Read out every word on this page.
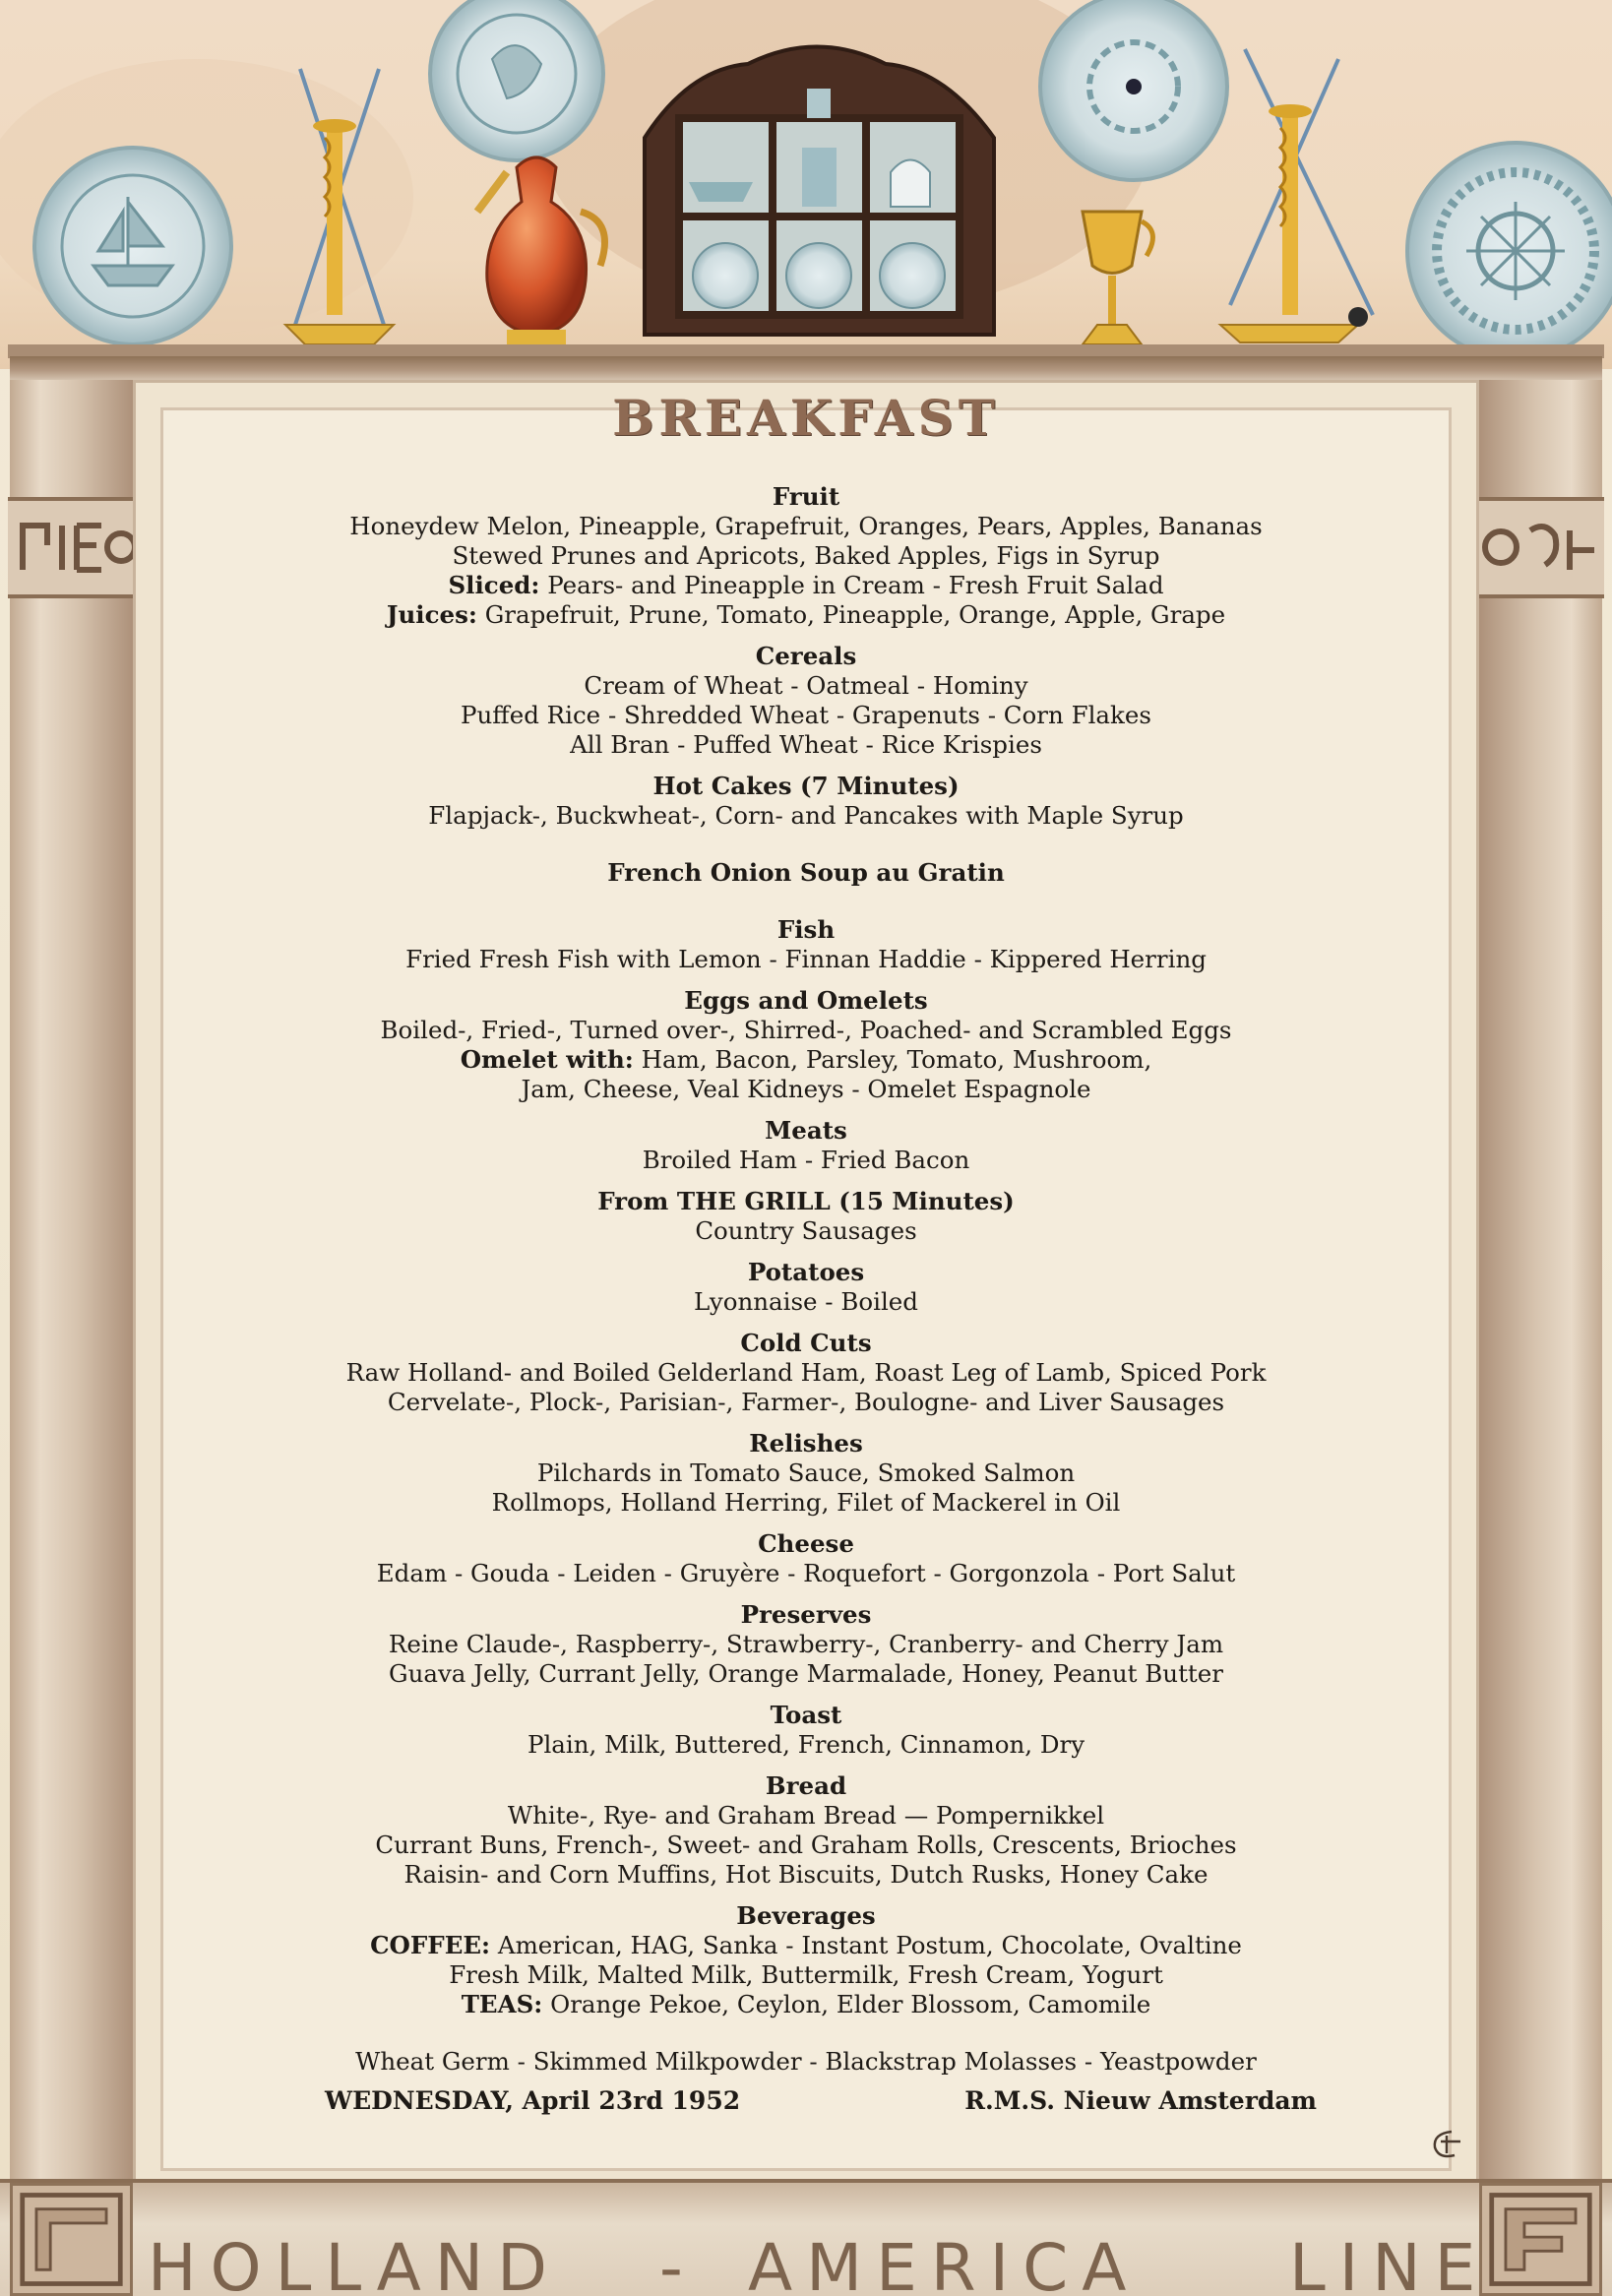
BREAKFAST
Fruit
Honeydew Melon, Pineapple, Grapefruit, Oranges, Pears, Apples, Bananas
Stewed Prunes and Apricots, Baked Apples, Figs in Syrup
Sliced: Pears- and Pineapple in Cream - Fresh Fruit Salad
Juices: Grapefruit, Prune, Tomato, Pineapple, Orange, Apple, Grape
Cereals
Cream of Wheat - Oatmeal - Hominy
Puffed Rice - Shredded Wheat - Grapenuts - Corn Flakes
All Bran - Puffed Wheat - Rice Krispies
Hot Cakes (7 Minutes)
Flapjack-, Buckwheat-, Corn- and Pancakes with Maple Syrup
French Onion Soup au Gratin
Fish
Fried Fresh Fish with Lemon - Finnan Haddie - Kippered Herring
Eggs and Omelets
Boiled-, Fried-, Turned over-, Shirred-, Poached- and Scrambled Eggs
Omelet with: Ham, Bacon, Parsley, Tomato, Mushroom,
Jam, Cheese, Veal Kidneys - Omelet Espagnole
Meats
Broiled Ham - Fried Bacon
From THE GRILL (15 Minutes)
Country Sausages
Potatoes
Lyonnaise - Boiled
Cold Cuts
Raw Holland- and Boiled Gelderland Ham, Roast Leg of Lamb, Spiced Pork
Cervelate-, Plock-, Parisian-, Farmer-, Boulogne- and Liver Sausages
Relishes
Pilchards in Tomato Sauce, Smoked Salmon
Rollmops, Holland Herring, Filet of Mackerel in Oil
Cheese
Edam - Gouda - Leiden - Gruyère - Roquefort - Gorgonzola - Port Salut
Preserves
Reine Claude-, Raspberry-, Strawberry-, Cranberry- and Cherry Jam
Guava Jelly, Currant Jelly, Orange Marmalade, Honey, Peanut Butter
Toast
Plain, Milk, Buttered, French, Cinnamon, Dry
Bread
White-, Rye- and Graham Bread — Pompernikkel
Currant Buns, French-, Sweet- and Graham Rolls, Crescents, Brioches
Raisin- and Corn Muffins, Hot Biscuits, Dutch Rusks, Honey Cake
Beverages
COFFEE: American, HAG, Sanka - Instant Postum, Chocolate, Ovaltine
Fresh Milk, Malted Milk, Buttermilk, Fresh Cream, Yogurt
TEAS: Orange Pekoe, Ceylon, Elder Blossom, Camomile
Wheat Germ - Skimmed Milkpowder - Blackstrap Molasses - Yeastpowder
WEDNESDAY, April 23rd 1952	R.M.S. Nieuw Amsterdam
HOLLAND - AMERICA LINE
